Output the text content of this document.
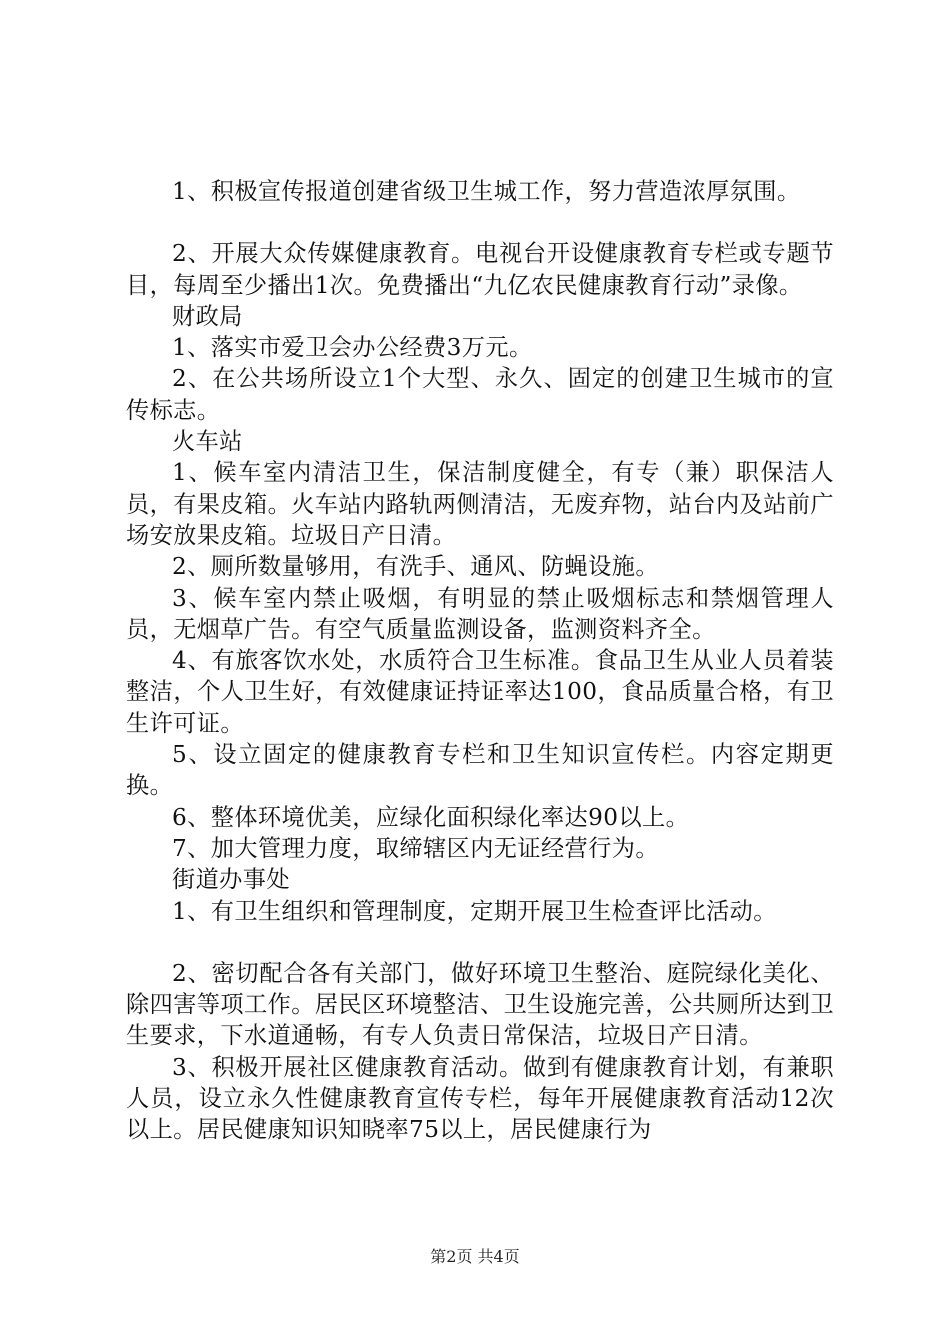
1、积极宣传报道创建省级卫生城工作，努力营造浓厚氛围。

2、开展大众传媒健康教育。电视台开设健康教育专栏或专题节目，每周至少播出1次。免费播出“九亿农民健康教育行动”录像。

财政局

1、落实市爱卫会办公经费3万元。

2、在公共场所设立1个大型、永久、固定的创建卫生城市的宣传标志。

火车站

1、候车室内清洁卫生，保洁制度健全，有专（兼）职保洁人员，有果皮箱。火车站内路轨两侧清洁，无废弃物，站台内及站前广场安放果皮箱。垃圾日产日清。

2、厕所数量够用，有洗手、通风、防蝇设施。

3、候车室内禁止吸烟，有明显的禁止吸烟标志和禁烟管理人员，无烟草广告。有空气质量监测设备，监测资料齐全。

4、有旅客饮水处，水质符合卫生标准。食品卫生从业人员着装整洁，个人卫生好，有效健康证持证率达100，食品质量合格，有卫生许可证。

5、设立固定的健康教育专栏和卫生知识宣传栏。内容定期更换。

6、整体环境优美，应绿化面积绿化率达90以上。

7、加大管理力度，取缔辖区内无证经营行为。

街道办事处

1、有卫生组织和管理制度，定期开展卫生检查评比活动。

2、密切配合各有关部门，做好环境卫生整治、庭院绿化美化、除四害等项工作。居民区环境整洁、卫生设施完善，公共厕所达到卫生要求，下水道通畅，有专人负责日常保洁，垃圾日产日清。

3、积极开展社区健康教育活动。做到有健康教育计划，有兼职人员，设立永久性健康教育宣传专栏，每年开展健康教育活动12次以上。居民健康知识知晓率75以上，居民健康行为

第2页 共4页
